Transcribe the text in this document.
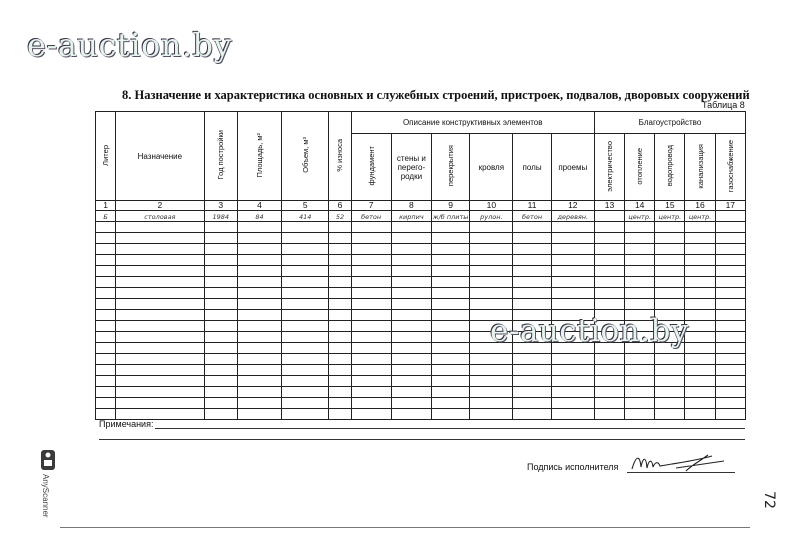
e-auction.by
8. Назначение и характеристика основных и служебных строений, пристроек, подвалов, дворовых сооружений
Таблица 8
Литер	Назначение	Год постройки	Площадь, м²	Объем, м³	% износа	Описание конструктивных элементов						Благоустройство				
						фундамент	стены и
перего-
родки	перекрытия	кровля	полы	проемы	электричество	отопление	водопровод	канализация	газоснабжение
1	2	3	4	5	6	7	8	9	10	11	12	13	14	15	16	17
Б	столовая	1984	84	414	52	бетон	кирпич	ж/б плиты	рулон.	бетон	деревян.		центр.	центр.	центр.	

e-auction.by
Примечания:
Подпись исполнителя
AnyScanner	72
